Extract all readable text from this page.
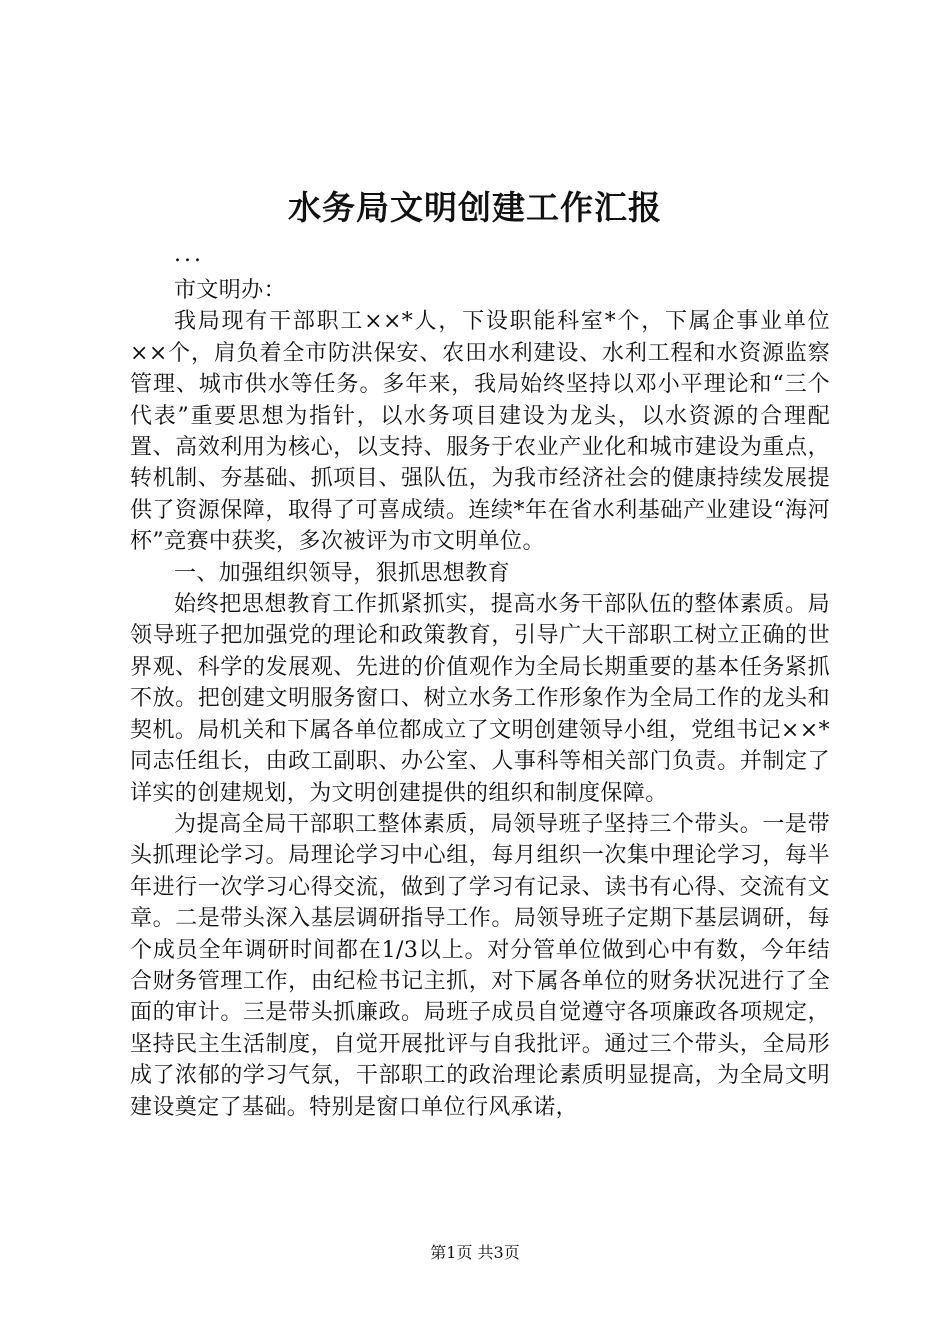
水务局文明创建工作汇报

...

市文明办：

我局现有干部职工××*人，下设职能科室*个，下属企事业单位××个，肩负着全市防洪保安、农田水利建设、水利工程和水资源监察管理、城市供水等任务。多年来，我局始终坚持以邓小平理论和“三个代表”重要思想为指针，以水务项目建设为龙头，以水资源的合理配置、高效利用为核心，以支持、服务于农业产业化和城市建设为重点，转机制、夯基础、抓项目、强队伍，为我市经济社会的健康持续发展提供了资源保障，取得了可喜成绩。连续*年在省水利基础产业建设“海河杯”竞赛中获奖，多次被评为市文明单位。

一、加强组织领导，狠抓思想教育

始终把思想教育工作抓紧抓实，提高水务干部队伍的整体素质。局领导班子把加强党的理论和政策教育，引导广大干部职工树立正确的世界观、科学的发展观、先进的价值观作为全局长期重要的基本任务紧抓不放。把创建文明服务窗口、树立水务工作形象作为全局工作的龙头和契机。局机关和下属各单位都成立了文明创建领导小组，党组书记××*同志任组长，由政工副职、办公室、人事科等相关部门负责。并制定了详实的创建规划，为文明创建提供的组织和制度保障。

为提高全局干部职工整体素质，局领导班子坚持三个带头。一是带头抓理论学习。局理论学习中心组，每月组织一次集中理论学习，每半年进行一次学习心得交流，做到了学习有记录、读书有心得、交流有文章。二是带头深入基层调研指导工作。局领导班子定期下基层调研，每个成员全年调研时间都在1/3以上。对分管单位做到心中有数，今年结合财务管理工作，由纪检书记主抓，对下属各单位的财务状况进行了全面的审计。三是带头抓廉政。局班子成员自觉遵守各项廉政各项规定，坚持民主生活制度，自觉开展批评与自我批评。通过三个带头，全局形成了浓郁的学习气氛，干部职工的政治理论素质明显提高，为全局文明建设奠定了基础。特别是窗口单位行风承诺，

第1页 共3页
